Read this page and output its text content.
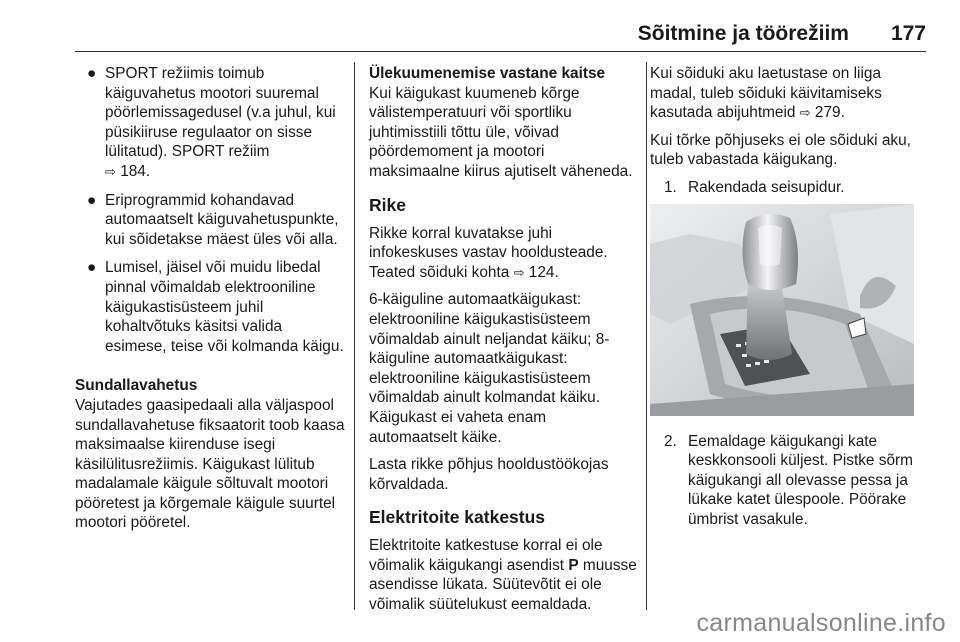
Sõitmine ja töörežiim 177
● SPORT režiimis toimub käiguvahetus mootori suuremal pöörlemissagedusel (v.a juhul, kui püsikiiruse regulaator on sisse lülitatud). SPORT režiim
⇨ 184.
● Eriprogrammid kohandavad automaatselt käiguvahetuspunkte, kui sõidetakse mäest üles või alla.
● Lumisel, jäisel või muidu libedal pinnal võimaldab elektrooniline käigukastisüsteem juhil kohaltvõtuks käsitsi valida esimese, teise või kolmanda käigu.

Sundallavahetus

Vajutades gaasipedaali alla väljaspool sundallavahetuse fiksaatorit toob kaasa maksimaalse kiirenduse isegi käsilülitusrežiimis. Käigukast lülitub madalamale käigule sõltuvalt mootori pööretest ja kõrgemale käigule suurtel mootori pööretel.

Ülekuumenemise vastane kaitse

Kui käigukast kuumeneb kõrge välistemperatuuri või sportliku juhtimisstiili tõttu üle, võivad pöördemoment ja mootori maksimaalne kiirus ajutiselt väheneda.

Rike

Rikke korral kuvatakse juhi infokeskuses vastav hooldusteade. Teated sõiduki kohta ⇨ 124.

6-käiguline automaatkäigukast: elektrooniline käigukastisüsteem võimaldab ainult neljandat käiku; 8-käiguline automaatkäigukast: elektrooniline käigukastisüsteem võimaldab ainult kolmandat käiku. Käigukast ei vaheta enam automaatselt käike.

Lasta rikke põhjus hooldustöökojas kõrvaldada.

Elektritoite katkestus

Elektritoite katkestuse korral ei ole võimalik käigukangi asendist P muusse asendisse lükata. Süütevõtit ei ole võimalik süütelukust eemaldada.

Kui sõiduki aku laetustase on liiga madal, tuleb sõiduki käivitamiseks kasutada abijuhtmeid ⇨ 279.

Kui tõrke põhjuseks ei ole sõiduki aku, tuleb vabastada käigukang.

1. Rakendada seisupidur.
2. Eemaldage käigukangi kate keskkonsooli küljest. Pistke sõrm käigukangi all olevasse pessa ja lükake katet ülespoole. Pöörake ümbrist vasakule.
carmanualsonline.info
